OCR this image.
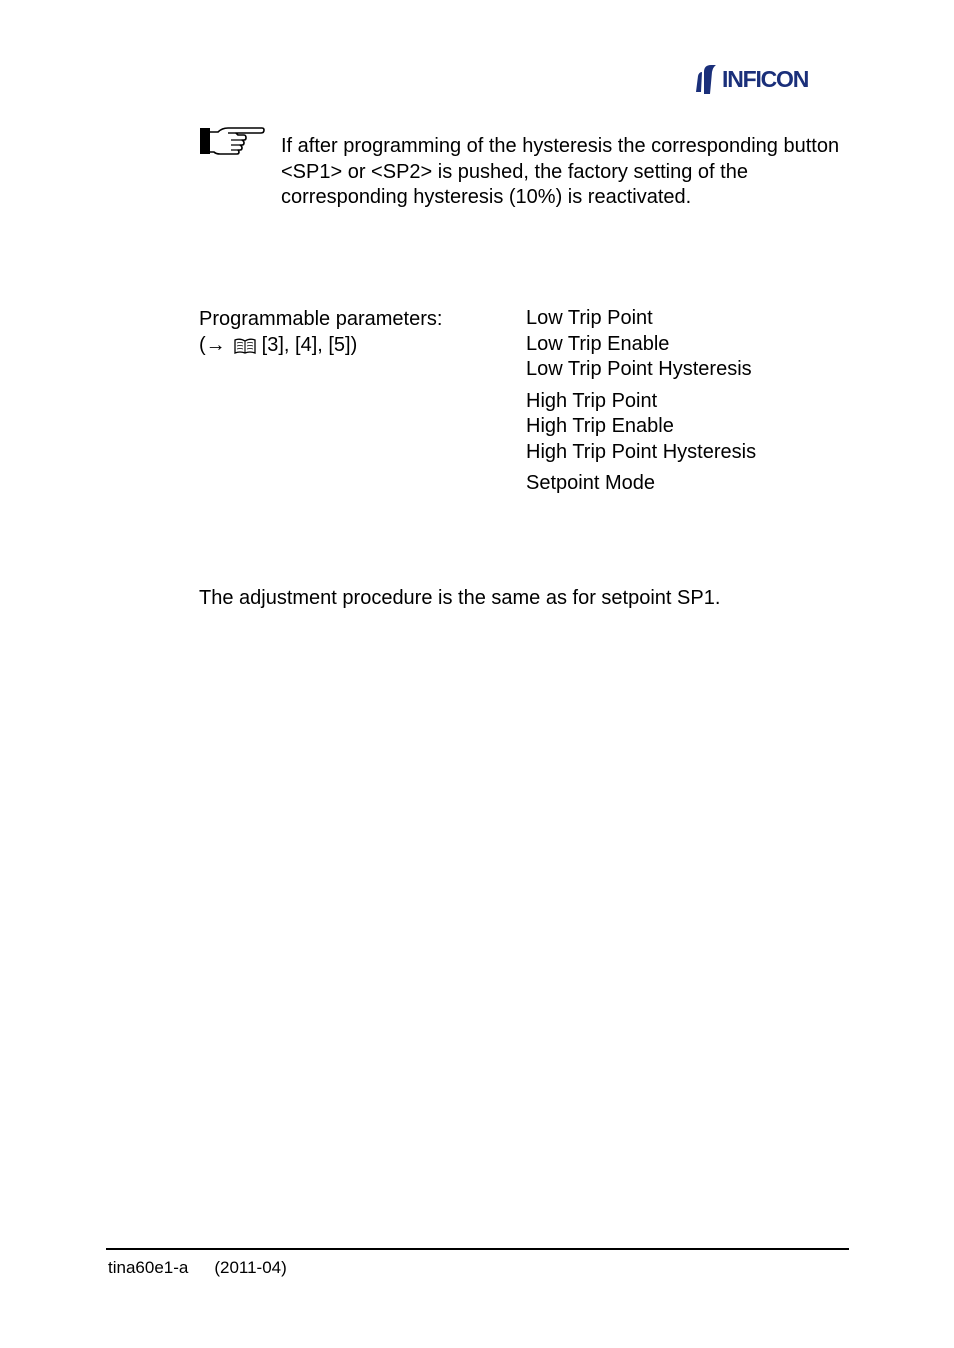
INFICON
If after programming of the hysteresis the corresponding button <SP1> or <SP2> is pushed, the factory setting of the corresponding hysteresis (10%) is reactivated.
Programmable parameters:
(→ [3], [4], [5])
Low Trip Point
Low Trip Enable
Low Trip Point Hysteresis
High Trip Point
High Trip Enable
High Trip Point Hysteresis
Setpoint Mode
The adjustment procedure is the same as for setpoint SP1.
tina60e1-a (2011-04)
